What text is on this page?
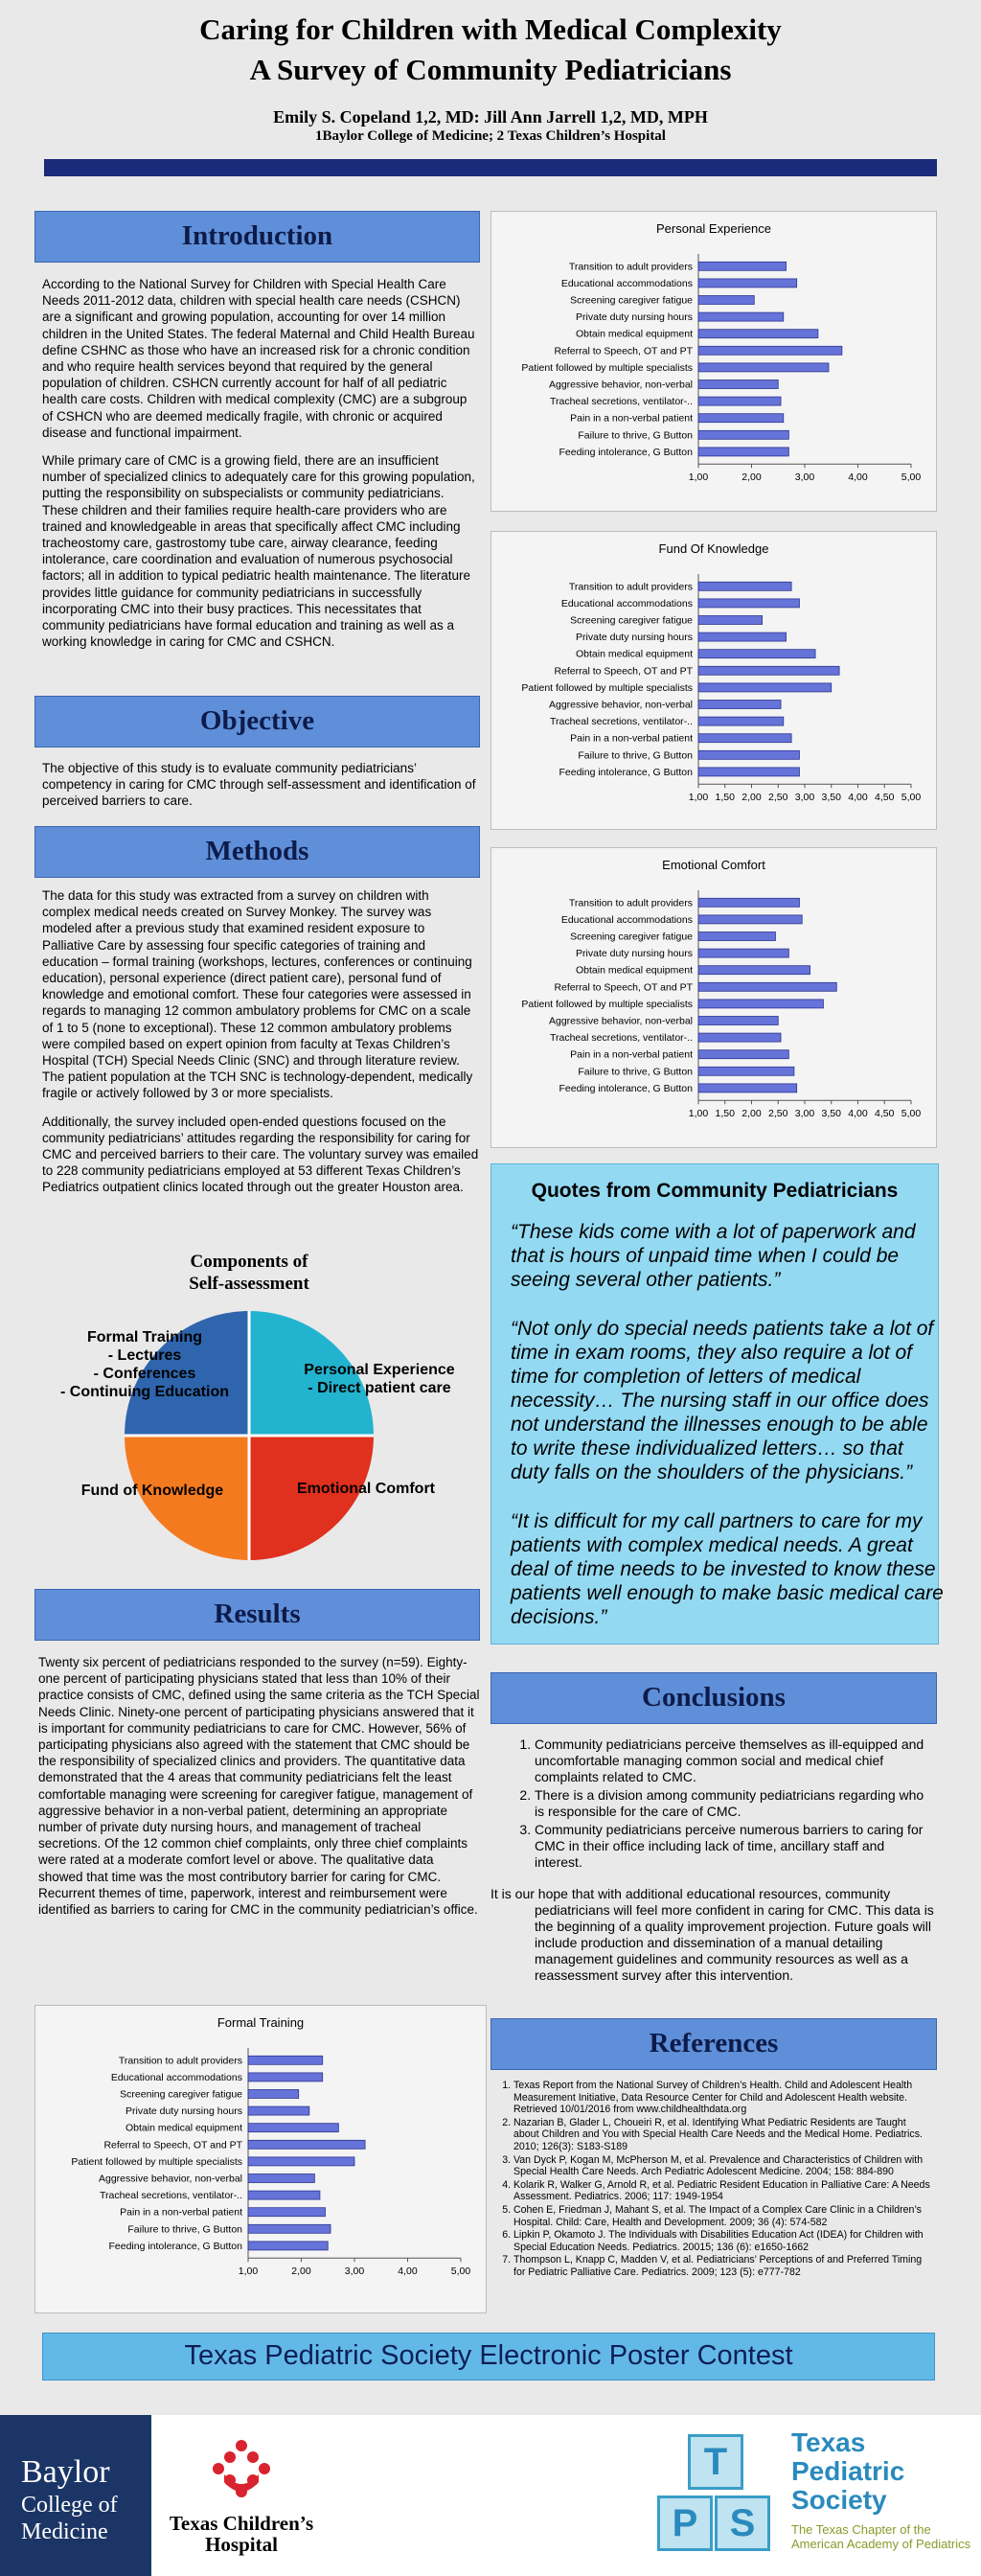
Caring for Children with Medical Complexity
A Survey of Community Pediatricians
Emily S. Copeland 1,2, MD: Jill Ann Jarrell 1,2, MD, MPH
1Baylor College of Medicine; 2 Texas Children’s Hospital
Introduction

According to the National Survey for Children with Special Health Care Needs 2011-2012 data, children with special health care needs (CSHCN) are a significant and growing population, accounting for over 14 million children in the United States. The federal Maternal and Child Health Bureau define CSHNC as those who have an increased risk for a chronic condition and who require health services beyond that required by the general population of children. CSHCN currently account for half of all pediatric health care costs. Children with medical complexity (CMC) are a subgroup of CSHCN who are deemed medically fragile, with chronic or acquired disease and functional impairment.

While primary care of CMC is a growing field, there are an insufficient number of specialized clinics to adequately care for this growing population, putting the responsibility on subspecialists or community pediatricians. These children and their families require health-care providers who are trained and knowledgeable in areas that specifically affect CMC including tracheostomy care, gastrostomy tube care, airway clearance, feeding intolerance, care coordination and evaluation of numerous psychosocial factors; all in addition to typical pediatric health maintenance. The literature provides little guidance for community pediatricians in successfully incorporating CMC into their busy practices. This necessitates that community pediatricians have formal education and training as well as a working knowledge in caring for CMC and CSHCN.

Objective
The objective of this study is to evaluate community pediatricians’ competency in caring for CMC through self-assessment and identification of perceived barriers to care.
Methods

The data for this study was extracted from a survey on children with complex medical needs created on Survey Monkey. The survey was modeled after a previous study that examined resident exposure to Palliative Care by assessing four specific categories of training and education – formal training (workshops, lectures, conferences or continuing education), personal experience (direct patient care), personal fund of knowledge and emotional comfort. These four categories were assessed in regards to managing 12 common ambulatory problems for CMC on a scale of 1 to 5 (none to exceptional). These 12 common ambulatory problems were compiled based on expert opinion from faculty at Texas Children’s Hospital (TCH) Special Needs Clinic (SNC) and through literature review. The patient population at the TCH SNC is technology-dependent, medically fragile or actively followed by 3 or more specialists.

Additionally, the survey included open-ended questions focused on the community pediatricians’ attitudes regarding the responsibility for caring for CMC and perceived barriers to their care. The voluntary survey was emailed to 228 community pediatricians employed at 53 different Texas Children’s Pediatrics outpatient clinics located through out the greater Houston area.

Components of
Self-assessment
Formal Training
- Lectures
- Conferences
- Continuing Education
Personal Experience
- Direct patient care
Fund of Knowledge	Emotional Comfort
Results
Twenty six percent of pediatricians responded to the survey (n=59). Eighty-one percent of participating physicians stated that less than 10% of their practice consists of CMC, defined using the same criteria as the TCH Special Needs Clinic. Ninety-one percent of participating physicians answered that it is important for community pediatricians to care for CMC. However, 56% of participating physicians also agreed with the statement that CMC should be the responsibility of specialized clinics and providers. The quantitative data demonstrated that the 4 areas that community pediatricians felt the least comfortable managing were screening for caregiver fatigue, management of aggressive behavior in a non-verbal patient, determining an appropriate number of private duty nursing hours, and management of tracheal secretions. Of the 12 common chief complaints, only three chief complaints were rated at a moderate comfort level or above. The qualitative data showed that time was the most contributory barrier for caring for CMC. Recurrent themes of time, paperwork, interest and reimbursement were identified as barriers to caring for CMC in the community pediatrician’s office.
Formal Training
Transition to adult providers
Educational accommodations
Screening caregiver fatigue
Private duty nursing hours
Obtain medical equipment
Referral to Speech, OT and PT
Patient followed by multiple specialists
Aggressive behavior, non-verbal
Tracheal secretions, ventilator-..
Pain in a non-verbal patient
Failure to thrive, G Button
Feeding intolerance, G Button
1,00	2,00	3,00	4,00	5,00
Personal Experience
Transition to adult providers
Educational accommodations
Screening caregiver fatigue
Private duty nursing hours
Obtain medical equipment
Referral to Speech, OT and PT
Patient followed by multiple specialists
Aggressive behavior, non-verbal
Tracheal secretions, ventilator-..
Pain in a non-verbal patient
Failure to thrive, G Button
Feeding intolerance, G Button
1,00	2,00	3,00	4,00	5,00
Fund Of Knowledge
Transition to adult providers
Educational accommodations
Screening caregiver fatigue
Private duty nursing hours
Obtain medical equipment
Referral to Speech, OT and PT
Patient followed by multiple specialists
Aggressive behavior, non-verbal
Tracheal secretions, ventilator-..
Pain in a non-verbal patient
Failure to thrive, G Button
Feeding intolerance, G Button
1,00 1,50 2,00 2,50 3,00 3,50 4,00 4,50 5,00
Emotional Comfort
Transition to adult providers
Educational accommodations
Screening caregiver fatigue
Private duty nursing hours
Obtain medical equipment
Referral to Speech, OT and PT
Patient followed by multiple specialists
Aggressive behavior, non-verbal
Tracheal secretions, ventilator-..
Pain in a non-verbal patient
Failure to thrive, G Button
Feeding intolerance, G Button
1,00 1,50 2,00 2,50 3,00 3,50 4,00 4,50 5,00
Quotes from Community Pediatricians
“These kids come with a lot of paperwork and that is hours of unpaid time when I could be seeing several other patients.”
“Not only do special needs patients take a lot of time in exam rooms, they also require a lot of time for completion of letters of medical necessity… The nursing staff in our office does not understand the illnesses enough to be able to write these individualized letters… so that duty falls on the shoulders of the physicians.”
“It is difficult for my call partners to care for my patients with complex medical needs. A great deal of time needs to be invested to know these patients well enough to make basic medical care decisions.”
Conclusions
1. Community pediatricians perceive themselves as ill-equipped and uncomfortable managing common social and medical chief complaints related to CMC.
2. There is a division among community pediatricians regarding who is responsible for the care of CMC.
3. Community pediatricians perceive numerous barriers to caring for CMC in their office including lack of time, ancillary staff and interest.
It is our hope that with additional educational resources, community pediatricians will feel more confident in caring for CMC. This data is the beginning of a quality improvement projection. Future goals will include production and dissemination of a manual detailing management guidelines and community resources as well as a reassessment survey after this intervention.
References
1. Texas Report from the National Survey of Children’s Health. Child and Adolescent Health Measurement Initiative, Data Resource Center for Child and Adolescent Health website. Retrieved 10/01/2016 from www.childhealthdata.org
2. Nazarian B, Glader L, Choueiri R, et al. Identifying What Pediatric Residents are Taught about Children and You with Special Health Care Needs and the Medical Home. Pediatrics. 2010; 126(3): S183-S189
3. Van Dyck P, Kogan M, McPherson M, et al. Prevalence and Characteristics of Children with Special Health Care Needs. Arch Pediatric Adolescent Medicine. 2004; 158: 884-890
4. Kolarik R, Walker G, Arnold R, et al. Pediatric Resident Education in Palliative Care: A Needs Assessment. Pediatrics. 2006; 117: 1949-1954
5. Cohen E, Friedman J, Mahant S, et al. The Impact of a Complex Care Clinic in a Children’s Hospital. Child: Care, Health and Development. 2009; 36 (4): 574-582
6. Lipkin P, Okamoto J. The Individuals with Disabilities Education Act (IDEA) for Children with Special Education Needs. Pediatrics. 20015; 136 (6): e1650-1662
7. Thompson L, Knapp C, Madden V, et al. Pediatricians’ Perceptions of and Preferred Timing for Pediatric Palliative Care. Pediatrics. 2009; 123 (5): e777-782
Texas Pediatric Society Electronic Poster Contest
Baylor
College of
Medicine	Texas Children’s
Hospital
T
P S
Texas
Pediatric
Society
The Texas Chapter of the
American Academy of Pediatrics
